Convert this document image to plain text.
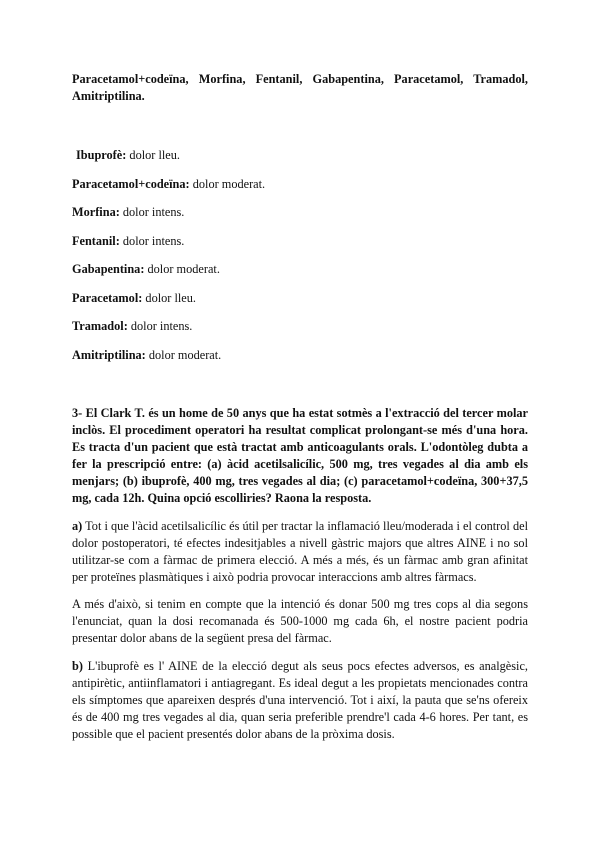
Paracetamol+codeïna, Morfina, Fentanil, Gabapentina, Paracetamol, Tramadol, Amitriptilina.
Ibuprofè: dolor lleu.
Paracetamol+codeïna: dolor moderat.
Morfina: dolor intens.
Fentanil: dolor intens.
Gabapentina: dolor moderat.
Paracetamol: dolor lleu.
Tramadol: dolor intens.
Amitriptilina: dolor moderat.
3- El Clark T. és un home de 50 anys que ha estat sotmès a l'extracció del tercer molar inclòs. El procediment operatori ha resultat complicat prolongant-se més d'una hora. Es tracta d'un pacient que està tractat amb anticoagulants orals. L'odontòleg dubta a fer la prescripció entre: (a) àcid acetilsalicílic, 500 mg, tres vegades al dia amb els menjars; (b) ibuprofè, 400 mg, tres vegades al dia; (c) paracetamol+codeïna, 300+37,5 mg, cada 12h. Quina opció escolliries? Raona la resposta.
a) Tot i que l'àcid acetilsalicílic és útil per tractar la inflamació lleu/moderada i el control del dolor postoperatori, té efectes indesitjables a nivell gàstric majors que altres AINE i no sol utilitzar-se com a fàrmac de primera elecció. A més a més, és un fàrmac amb gran afinitat per proteïnes plasmàtiques i això podria provocar interaccions amb altres fàrmacs.
A més d'això, si tenim en compte que la intenció és donar 500 mg tres cops al dia segons l'enunciat, quan la dosi recomanada és 500-1000 mg cada 6h, el nostre pacient podria presentar dolor abans de la següent presa del fàrmac.
b) L'ibuprofè es l' AINE de la elecció degut als seus pocs efectes adversos, es analgèsic, antipirètic, antiinflamatori i antiagregant. Es ideal degut a les propietats mencionades contra els símptomes que apareixen després d'una intervenció. Tot i així, la pauta que se'ns ofereix és de 400 mg tres vegades al dia, quan seria preferible prendre'l cada 4-6 hores. Per tant, es possible que el pacient presentés dolor abans de la pròxima dosis.
